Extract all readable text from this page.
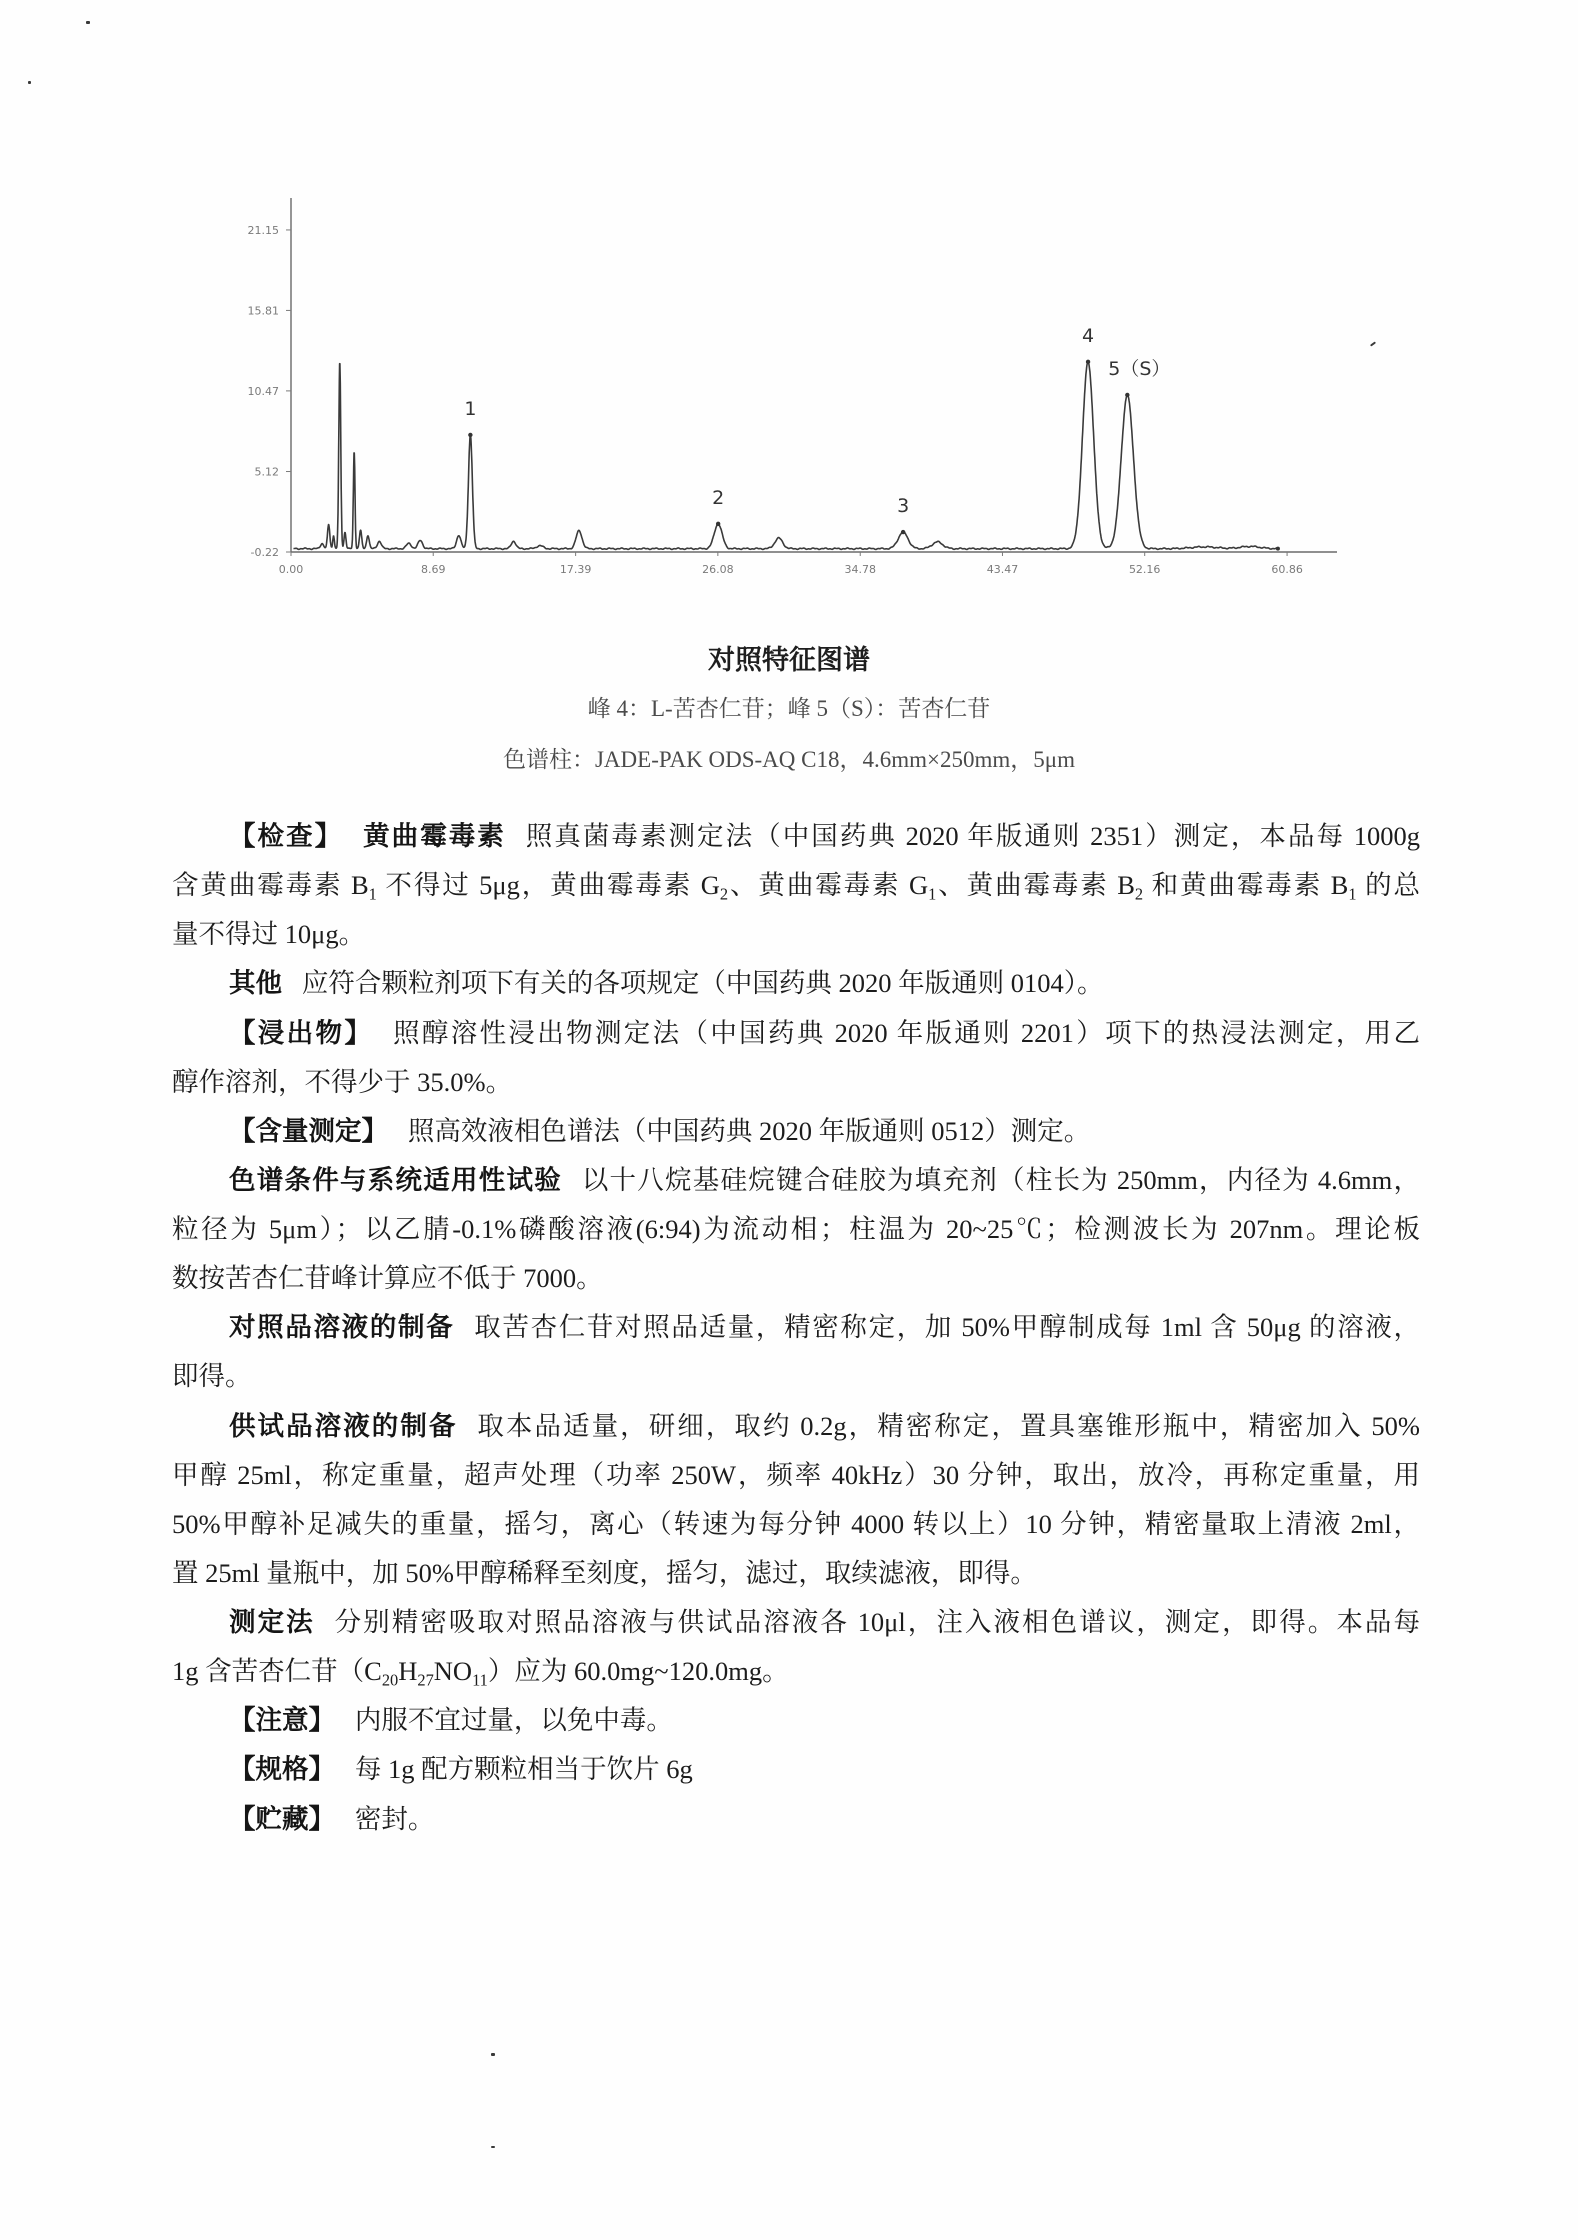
21.15
15.81
10.47
5.12
-0.22
0.00	8.69	17.39	26.08	34.78	43.47	52.16	60.86
1
2	3
4
5（S）
对照特征图谱
峰 4：L-苦杏仁苷；峰 5（S）：苦杏仁苷
色谱柱：JADE-PAK ODS-AQ C18，4.6mm×250mm，5μm
【检查】 黄曲霉毒素 照真菌毒素测定法（中国药典 2020 年版通则 2351）测定，本品每 1000g
含黄曲霉毒素 $B_1$ 不得过 5μg，黄曲霉毒素 $G_2$、黄曲霉毒素 $G_1$、黄曲霉毒素 $B_2$ 和黄曲霉毒素 $B_1$ 的总
量不得过 10μg。
其他 应符合颗粒剂项下有关的各项规定（中国药典 2020 年版通则 0104）。
【浸出物】 照醇溶性浸出物测定法（中国药典 2020 年版通则 2201）项下的热浸法测定，用乙
醇作溶剂，不得少于 35.0%。
【含量测定】 照高效液相色谱法（中国药典 2020 年版通则 0512）测定。
色谱条件与系统适用性试验 以十八烷基硅烷键合硅胶为填充剂（柱长为 250mm，内径为 4.6mm，
粒径为 5μm）；以乙腈-0.1%磷酸溶液(6:94)为流动相；柱温为 20~25℃；检测波长为 207nm。理论板
数按苦杏仁苷峰计算应不低于 7000。
对照品溶液的制备 取苦杏仁苷对照品适量，精密称定，加 50%甲醇制成每 1ml 含 50μg 的溶液，
即得。
供试品溶液的制备 取本品适量，研细，取约 0.2g，精密称定，置具塞锥形瓶中，精密加入 50%
甲醇 25ml，称定重量，超声处理（功率 250W，频率 40kHz）30 分钟，取出，放冷，再称定重量，用
50%甲醇补足减失的重量，摇匀，离心（转速为每分钟 4000 转以上）10 分钟，精密量取上清液 2ml，
置 25ml 量瓶中，加 50%甲醇稀释至刻度，摇匀，滤过，取续滤液，即得。
测定法 分别精密吸取对照品溶液与供试品溶液各 10μl，注入液相色谱议，测定，即得。本品每
1g 含苦杏仁苷$(C_{20}H_{27}NO_{11})$应为 60.0mg~120.0mg。
【注意】 内服不宜过量，以免中毒。
【规格】 每 1g 配方颗粒相当于饮片 6g
【贮藏】 密封。
